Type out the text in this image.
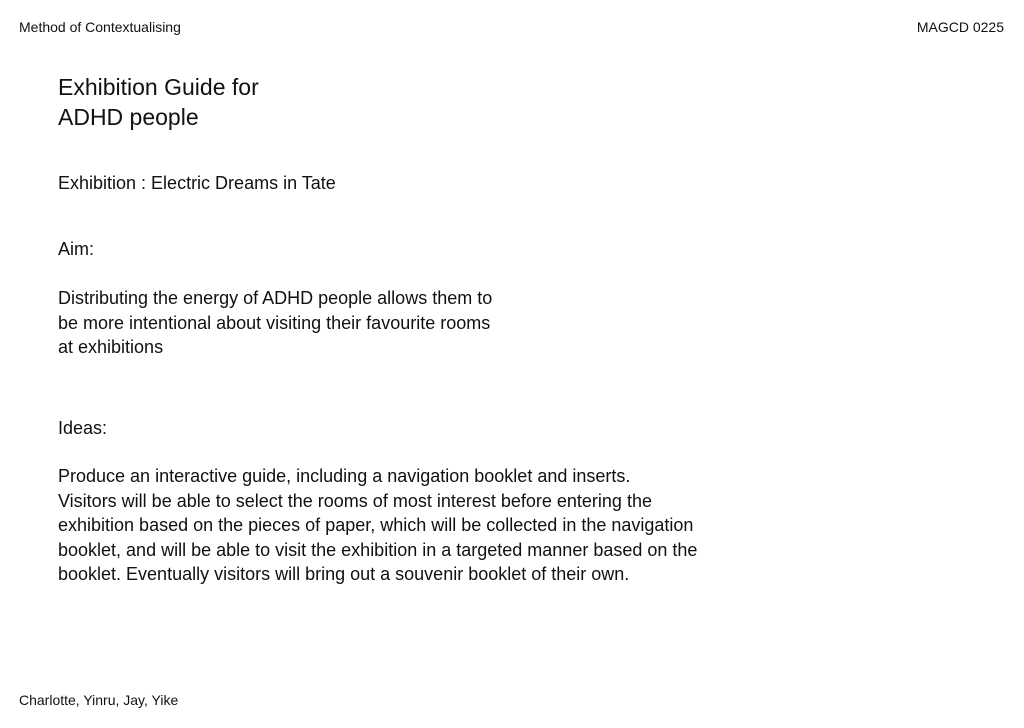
Method of Contextualising	MAGCD 0225
Exhibition Guide for
ADHD people

Exhibition : Electric Dreams in Tate

Aim:

Distributing the energy of ADHD people allows them to
be more intentional about visiting their favourite rooms
at exhibitions

Ideas:

Produce an interactive guide, including a navigation booklet and inserts.
Visitors will be able to select the rooms of most interest before entering the
exhibition based on the pieces of paper, which will be collected in the navigation
booklet, and will be able to visit the exhibition in a targeted manner based on the
booklet. Eventually visitors will bring out a souvenir booklet of their own.

Charlotte, Yinru, Jay, Yike
